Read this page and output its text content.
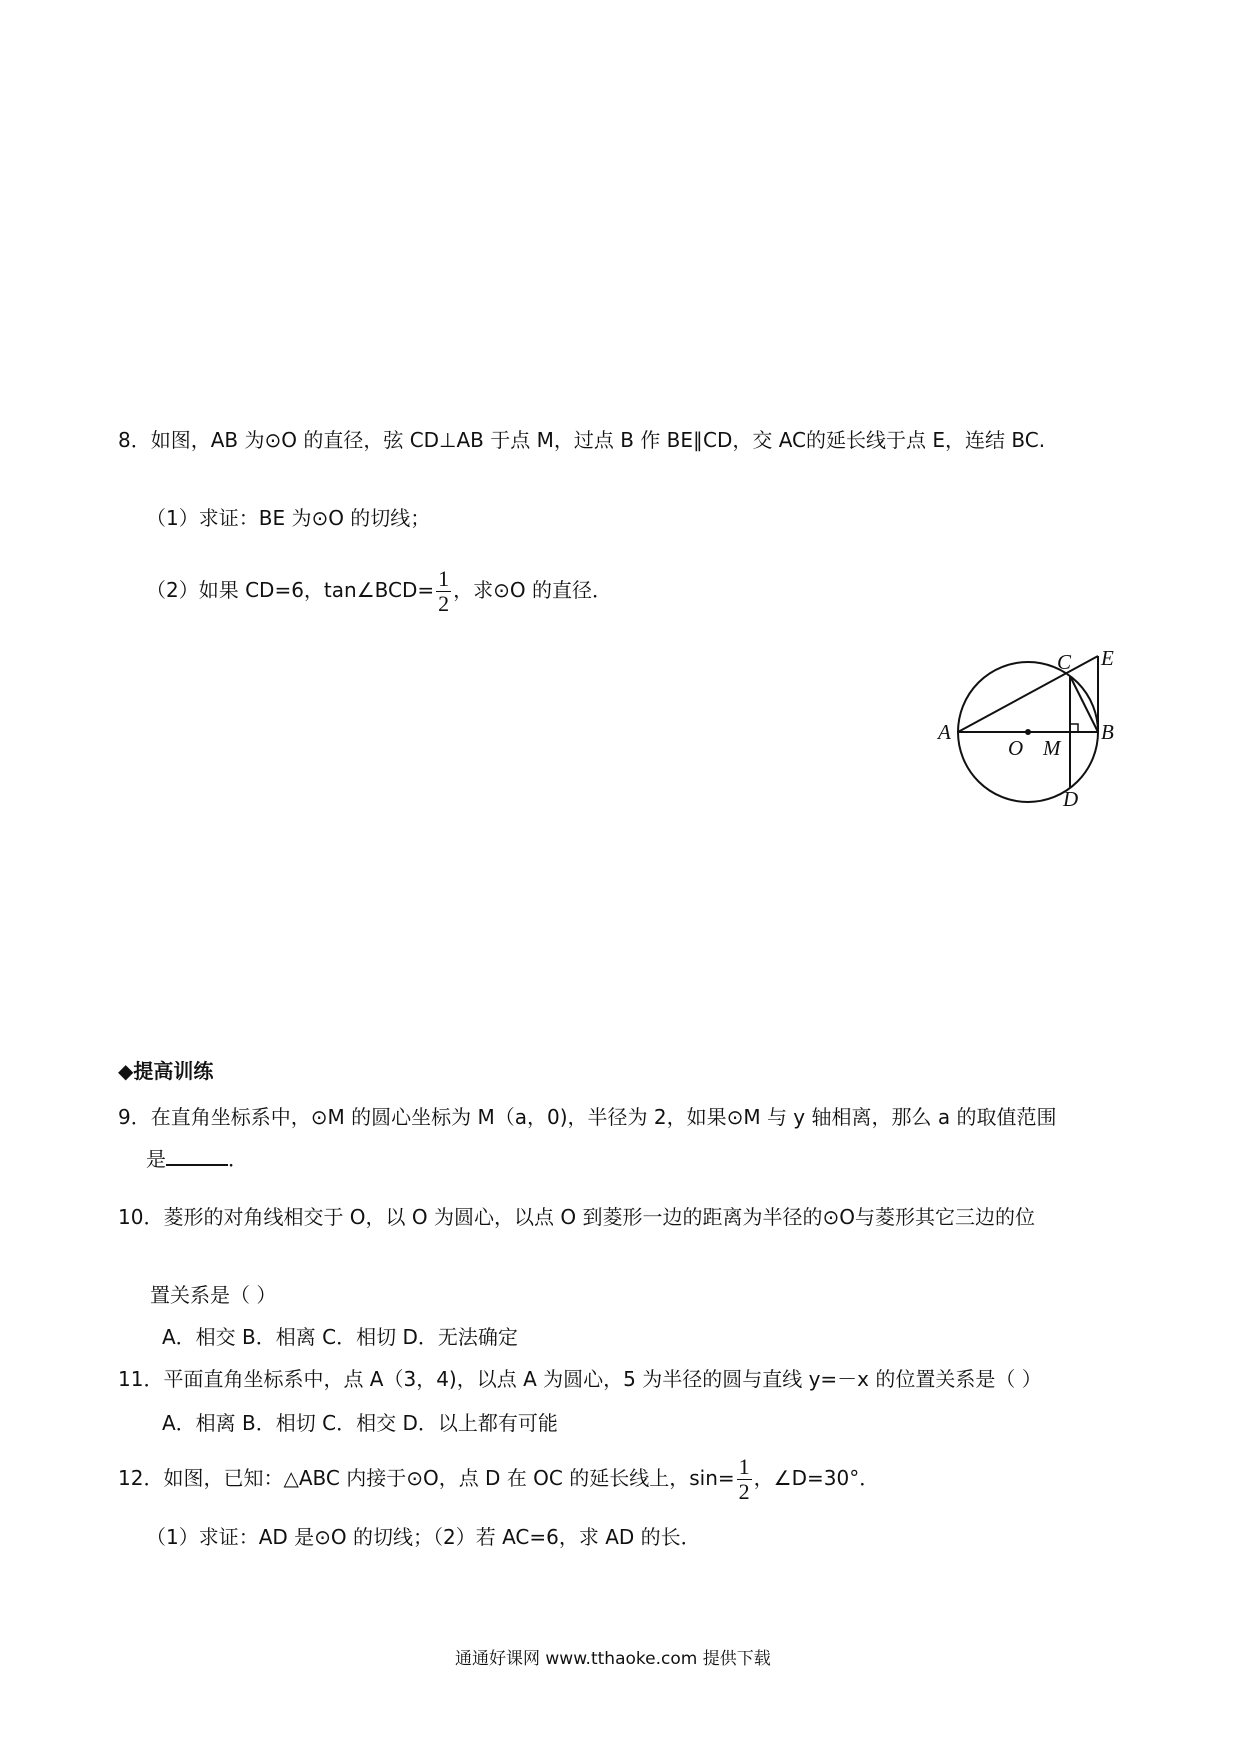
8．如图，AB 为⊙O 的直径，弦 CD⊥AB 于点 M，过点 B 作 BE∥CD，交 AC的延长线于点 E，连结 BC.
（1）求证：BE 为⊙O 的切线；
（2）如果 CD=6，tan∠BCD= $\frac{1}{2}$ ，求⊙O 的直径．
A
O M
B
C
D
E
◆提高训练
9．在直角坐标系中，⊙M 的圆心坐标为 M（a，0)，半径为 2，如果⊙M 与 y 轴相离，那么 a 的取值范围
是	．
10．菱形的对角线相交于 O，以 O 为圆心，以点 O 到菱形一边的距离为半径的⊙O与菱形其它三边的位
置关系是（ ）
A．相交 B．相离 C．相切 D．无法确定
11．平面直角坐标系中，点 A（3，4)，以点 A 为圆心，5 为半径的圆与直线 y=－x 的位置关系是（ ）
A．相离 B．相切 C．相交 D．以上都有可能
12．如图，已知：△ABC 内接于⊙O，点 D 在 OC 的延长线上，$\sin= \frac{1}{2}$ ，∠D=30°．
（1）求证：AD 是⊙O 的切线；（2）若 AC=6，求 AD 的长．
通通好课网 www.tthaoke.com 提供下载
